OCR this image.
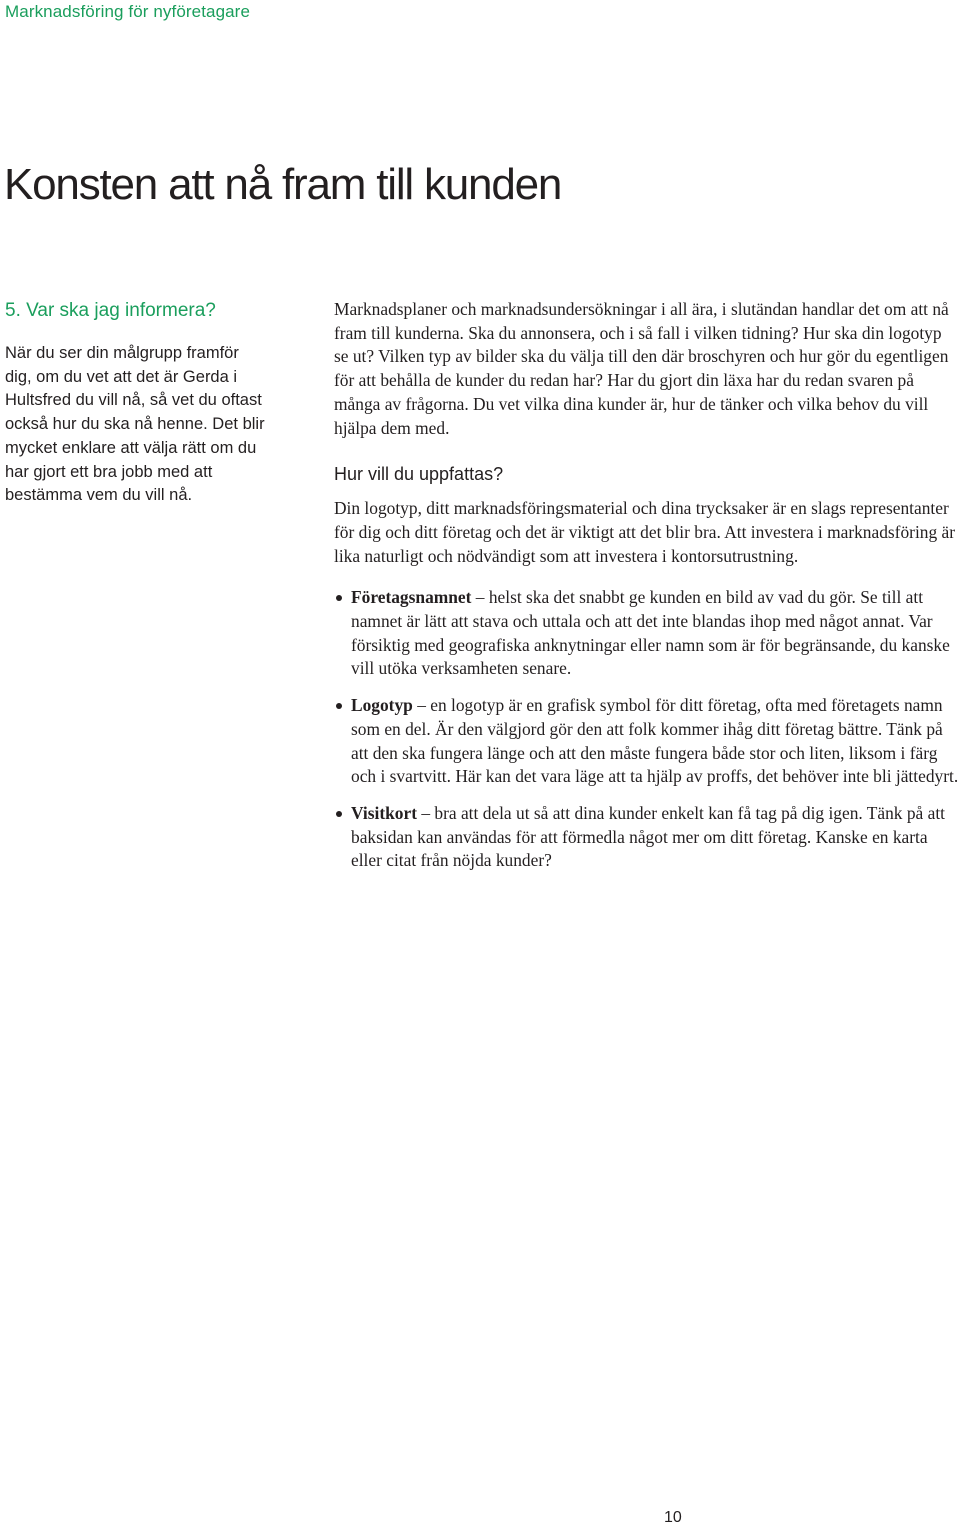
Marknadsföring för nyföretagare
Konsten att nå fram till kunden
5. Var ska jag informera?

När du ser din målgrupp framför dig, om du vet att det är Gerda i Hultsfred du vill nå, så vet du oftast också hur du ska nå henne. Det blir mycket enklare att välja rätt om du har gjort ett bra jobb med att bestämma vem du vill nå.

Marknadsplaner och marknadsundersökningar i all ära, i slutändan handlar det om att nå fram till kunderna. Ska du annonsera, och i så fall i vilken tidning? Hur ska din logotyp se ut? Vilken typ av bilder ska du välja till den där broschyren och hur gör du egentligen för att behålla de kunder du redan har? Har du gjort din läxa har du redan svaren på många av frågorna. Du vet vilka dina kunder är, hur de tänker och vilka behov du vill hjälpa dem med.

Hur vill du uppfattas?

Din logotyp, ditt marknadsföringsmaterial och dina trycksaker är en slags representanter för dig och ditt företag och det är viktigt att det blir bra. Att investera i marknadsföring är lika naturligt och nödvändigt som att investera i kontorsutrustning.

Företagsnamnet – helst ska det snabbt ge kunden en bild av vad du gör. Se till att namnet är lätt att stava och uttala och att det inte blandas ihop med något annat. Var försiktig med geografiska anknytningar eller namn som är för begränsande, du kanske vill utöka verksamheten senare.
Logotyp – en logotyp är en grafisk symbol för ditt företag, ofta med företagets namn som en del. Är den välgjord gör den att folk kommer ihåg ditt företag bättre. Tänk på att den ska fungera länge och att den måste fungera både stor och liten, liksom i färg och i svartvitt. Här kan det vara läge att ta hjälp av proffs, det behöver inte bli jättedyrt.
Visitkort – bra att dela ut så att dina kunder enkelt kan få tag på dig igen. Tänk på att baksidan kan användas för att förmedla något mer om ditt företag. Kanske en karta eller citat från nöjda kunder?
10
